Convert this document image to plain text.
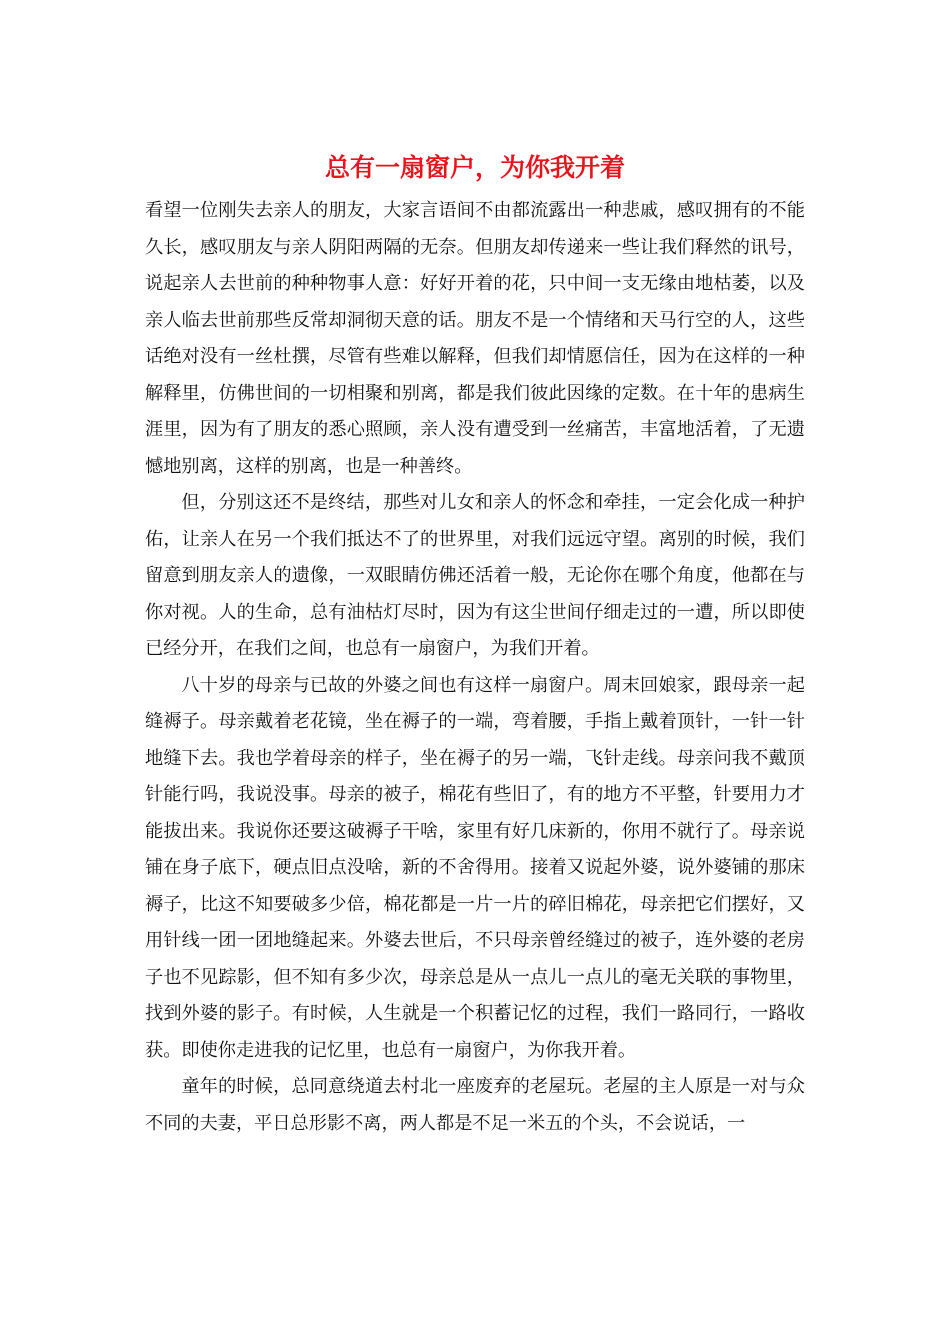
总有一扇窗户，为你我开着

看望一位刚失去亲人的朋友，大家言语间不由都流露出一种悲戚，感叹拥有的不能久长，感叹朋友与亲人阴阳两隔的无奈。但朋友却传递来一些让我们释然的讯号，说起亲人去世前的种种物事人意：好好开着的花，只中间一支无缘由地枯萎，以及亲人临去世前那些反常却洞彻天意的话。朋友不是一个情绪和天马行空的人，这些话绝对没有一丝杜撰，尽管有些难以解释，但我们却情愿信任，因为在这样的一种解释里，仿佛世间的一切相聚和别离，都是我们彼此因缘的定数。在十年的患病生涯里，因为有了朋友的悉心照顾，亲人没有遭受到一丝痛苦，丰富地活着，了无遗憾地别离，这样的别离，也是一种善终。

但，分别这还不是终结，那些对儿女和亲人的怀念和牵挂，一定会化成一种护佑，让亲人在另一个我们抵达不了的世界里，对我们远远守望。离别的时候，我们留意到朋友亲人的遗像，一双眼睛仿佛还活着一般，无论你在哪个角度，他都在与你对视。人的生命，总有油枯灯尽时，因为有这尘世间仔细走过的一遭，所以即使已经分开，在我们之间，也总有一扇窗户，为我们开着。

八十岁的母亲与已故的外婆之间也有这样一扇窗户。周末回娘家，跟母亲一起缝褥子。母亲戴着老花镜，坐在褥子的一端，弯着腰，手指上戴着顶针，一针一针地缝下去。我也学着母亲的样子，坐在褥子的另一端，飞针走线。母亲问我不戴顶针能行吗，我说没事。母亲的被子，棉花有些旧了，有的地方不平整，针要用力才能拔出来。我说你还要这破褥子干啥，家里有好几床新的，你用不就行了。母亲说铺在身子底下，硬点旧点没啥，新的不舍得用。接着又说起外婆，说外婆铺的那床褥子，比这不知要破多少倍，棉花都是一片一片的碎旧棉花，母亲把它们摆好，又用针线一团一团地缝起来。外婆去世后，不只母亲曾经缝过的被子，连外婆的老房子也不见踪影，但不知有多少次，母亲总是从一点儿一点儿的毫无关联的事物里，找到外婆的影子。有时候，人生就是一个积蓄记忆的过程，我们一路同行，一路收获。即使你走进我的记忆里，也总有一扇窗户，为你我开着。

童年的时候，总同意绕道去村北一座废弃的老屋玩。老屋的主人原是一对与众不同的夫妻，平日总形影不离，两人都是不足一米五的个头，不会说话，一
